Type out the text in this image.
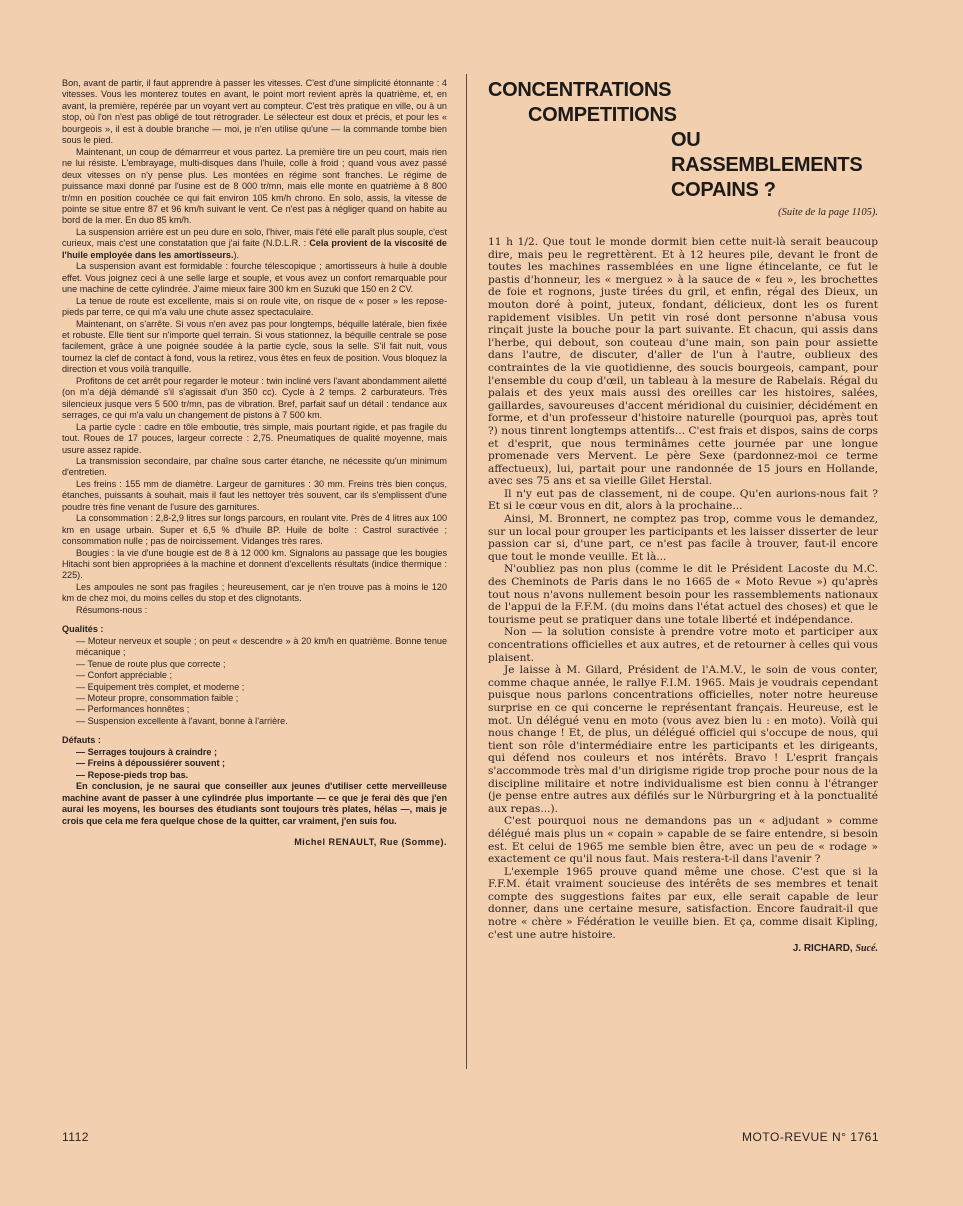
Bon, avant de partir, il faut apprendre à passer les vitesses. C'est d'une simplicité étonnante : 4 vitesses. Vous les monterez toutes en avant, le point mort revient après la quatrième, et, en avant, la première, repérée par un voyant vert au compteur. C'est très pratique en ville, ou à un stop, où l'on n'est pas obligé de tout rétrograder. Le sélecteur est doux et précis, et pour les « bourgeois », il est à double branche — moi, je n'en utilise qu'une — la commande tombe bien sous le pied.

Maintenant, un coup de démarrreur et vous partez. La première tire un peu court, mais rien ne lui résiste. L'embrayage, multi-disques dans l'huile, colle à froid ; quand vous avez passé deux vitesses on n'y pense plus. Les montées en régime sont franches. Le régime de puissance maxi donné par l'usine est de 8 000 tr/mn, mais elle monte en quatrième à 8 800 tr/mn en position couchée ce qui fait environ 105 km/h chrono. En solo, assis, la vitesse de pointe se situe entre 87 et 96 km/h suivant le vent. Ce n'est pas à négliger quand on habite au bord de la mer. En duo 85 km/h.

La suspension arrière est un peu dure en solo, l'hiver, mais l'été elle paraît plus souple, c'est curieux, mais c'est une constatation que j'ai faite (N.D.L.R. : Cela provient de la viscosité de l'huile employée dans les amortisseurs.).

La suspension avant est formidable : fourche télescopique ; amortisseurs à huile à double effet. Vous joignez ceci à une selle large et souple, et vous avez un confort remarquable pour une machine de cette cylindrée. J'aime mieux faire 300 km en Suzuki que 150 en 2 CV.

La tenue de route est excellente, mais si on roule vite, on risque de « poser » les repose-pieds par terre, ce qui m'a valu une chute assez spectaculaire.

Maintenant, on s'arrête. Si vous n'en avez pas pour longtemps, béquille latérale, bien fixée et robuste. Elle tient sur n'importe quel terrain. Si vous stationnez, la béquille centrale se pose facilement, grâce à une poignée soudée à la partie cycle, sous la selle. S'il fait nuit, vous tournez la clef de contact à fond, vous la retirez, vous êtes en feux de position. Vous bloquez la direction et vous voilà tranquille.

Profitons de cet arrêt pour regarder le moteur : twin incliné vers l'avant abondamment ailetté (on m'a déjà démandé s'il s'agissait d'un 350 cc). Cycle à 2 temps. 2 carburateurs. Très silencieux jusque vers 5 500 tr/mn, pas de vibration. Bref, parfait sauf un détail : tendance aux serrages, ce qui m'a valu un changement de pistons à 7 500 km.

La partie cycle : cadre en tôle emboutie, très simple, mais pourtant rigide, et pas fragile du tout. Roues de 17 pouces, largeur correcte : 2,75. Pneumatiques de qualité moyenne, mais usure assez rapide.

La transmission secondaire, par chaîne sous carter étanche, ne nécessite qu'un minimum d'entretien.

Les freins : 155 mm de diamètre. Largeur de garnitures : 30 mm. Freins très bien conçus, étanches, puissants à souhait, mais il faut les nettoyer très souvent, car ils s'emplissent d'une poudre très fine venant de l'usure des garnitures.

La consommation : 2,8-2,9 litres sur longs parcours, en roulant vite. Près de 4 litres aux 100 km en usage urbain. Super et 6,5 % d'huile BP. Huile de boîte : Castrol suractivée ; consommation nulle ; pas de noircissement. Vidanges très rares.

Bougies : la vie d'une bougie est de 8 à 12 000 km. Signalons au passage que les bougies Hitachi sont bien appropriées à la machine et donnent d'excellents résultats (indice thermique : 225).

Les ampoules ne sont pas fragiles ; heureusement, car je n'en trouve pas à moins le 120 km de chez moi, du moins celles du stop et des clignotants.

Résumons-nous :

Qualités :

— Moteur nerveux et souple ; on peut « descendre » à 20 km/h en quatrième. Bonne tenue mécanique ;
— Tenue de route plus que correcte ;
— Confort appréciable ;
— Equipement très complet, et moderne ;
— Moteur propre, consommation faible ;
— Performances honnêtes ;
— Suspension excellente à l'avant, bonne à l'arrière.

Défauts :

— Serrages toujours à craindre ;
— Freins à dépoussiérer souvent ;
— Repose-pieds trop bas.

En conclusion, je ne saurai que conseiller aux jeunes d'utiliser cette merveilleuse machine avant de passer à une cylindrée plus importante — ce que je ferai dès que j'en aurai les moyens, les bourses des étudiants sont toujours très plates, hélas —, mais je crois que cela me fera quelque chose de la quitter, car vraiment, j'en suis fou.

Michel RENAULT, Rue (Somme).

CONCENTRATIONS
COMPETITIONS
OU
RASSEMBLEMENTS
COPAINS ?
(Suite de la page 1105).

11 h 1/2. Que tout le monde dormit bien cette nuit-là serait beaucoup dire, mais peu le regrettèrent. Et à 12 heures pile, devant le front de toutes les machines rassemblées en une ligne étincelante, ce fut le pastis d'honneur, les « merguez » à la sauce de « feu », les brochettes de foie et rognons, juste tirées du gril, et enfin, régal des Dieux, un mouton doré à point, juteux, fondant, délicieux, dont les os furent rapidement visibles. Un petit vin rosé dont personne n'abusa vous rinçait juste la bouche pour la part suivante. Et chacun, qui assis dans l'herbe, qui debout, son couteau d'une main, son pain pour assiette dans l'autre, de discuter, d'aller de l'un à l'autre, oublieux des contraintes de la vie quotidienne, des soucis bourgeois, campant, pour l'ensemble du coup d'œil, un tableau à la mesure de Rabelais. Régal du palais et des yeux mais aussi des oreilles car les histoires, salées, gaillardes, savoureuses d'accent méridional du cuisinier, décidément en forme, et d'un professeur d'histoire naturelle (pourquoi pas, après tout ?) nous tinrent longtemps attentifs... C'est frais et dispos, sains de corps et d'esprit, que nous terminâmes cette journée par une longue promenade vers Mervent. Le père Sexe (pardonnez-moi ce terme affectueux), lui, partait pour une randonnée de 15 jours en Hollande, avec ses 75 ans et sa vieille Gilet Herstal.

Il n'y eut pas de classement, ni de coupe. Qu'en aurions-nous fait ? Et si le cœur vous en dit, alors à la prochaine...

Ainsi, M. Bronnert, ne comptez pas trop, comme vous le demandez, sur un local pour grouper les participants et les laisser disserter de leur passion car si, d'une part, ce n'est pas facile à trouver, faut-il encore que tout le monde veuille. Et là...

N'oubliez pas non plus (comme le dit le Président Lacoste du M.C. des Cheminots de Paris dans le no 1665 de « Moto Revue ») qu'après tout nous n'avons nullement besoin pour les rassemblements nationaux de l'appui de la F.F.M. (du moins dans l'état actuel des choses) et que le tourisme peut se pratiquer dans une totale liberté et indépendance.

Non — la solution consiste à prendre votre moto et participer aux concentrations officielles et aux autres, et de retourner à celles qui vous plaisent.

Je laisse à M. Gilard, Président de l'A.M.V., le soin de vous conter, comme chaque année, le rallye F.I.M. 1965. Mais je voudrais cependant puisque nous parlons concentrations officielles, noter notre heureuse surprise en ce qui concerne le représentant français. Heureuse, est le mot. Un délégué venu en moto (vous avez bien lu : en moto). Voilà qui nous change ! Et, de plus, un délégué officiel qui s'occupe de nous, qui tient son rôle d'intermédiaire entre les participants et les dirigeants, qui défend nos couleurs et nos intérêts. Bravo ! L'esprit français s'accommode très mal d'un dirigisme rigide trop proche pour nous de la discipline militaire et notre individualisme est bien connu à l'étranger (je pense entre autres aux défilés sur le Nürburgring et à la ponctualité aux repas...).

C'est pourquoi nous ne demandons pas un « adjudant » comme délégué mais plus un « copain » capable de se faire entendre, si besoin est. Et celui de 1965 me semble bien être, avec un peu de « rodage » exactement ce qu'il nous faut. Mais restera-t-il dans l'avenir ?

L'exemple 1965 prouve quand même une chose. C'est que si la F.F.M. était vraiment soucieuse des intérêts de ses membres et tenait compte des suggestions faites par eux, elle serait capable de leur donner, dans une certaine mesure, satisfaction. Encore faudrait-il que notre « chère » Fédération le veuille bien. Et ça, comme disait Kipling, c'est une autre histoire.

J. RICHARD, Sucé.

1112	MOTO-REVUE N° 1761
